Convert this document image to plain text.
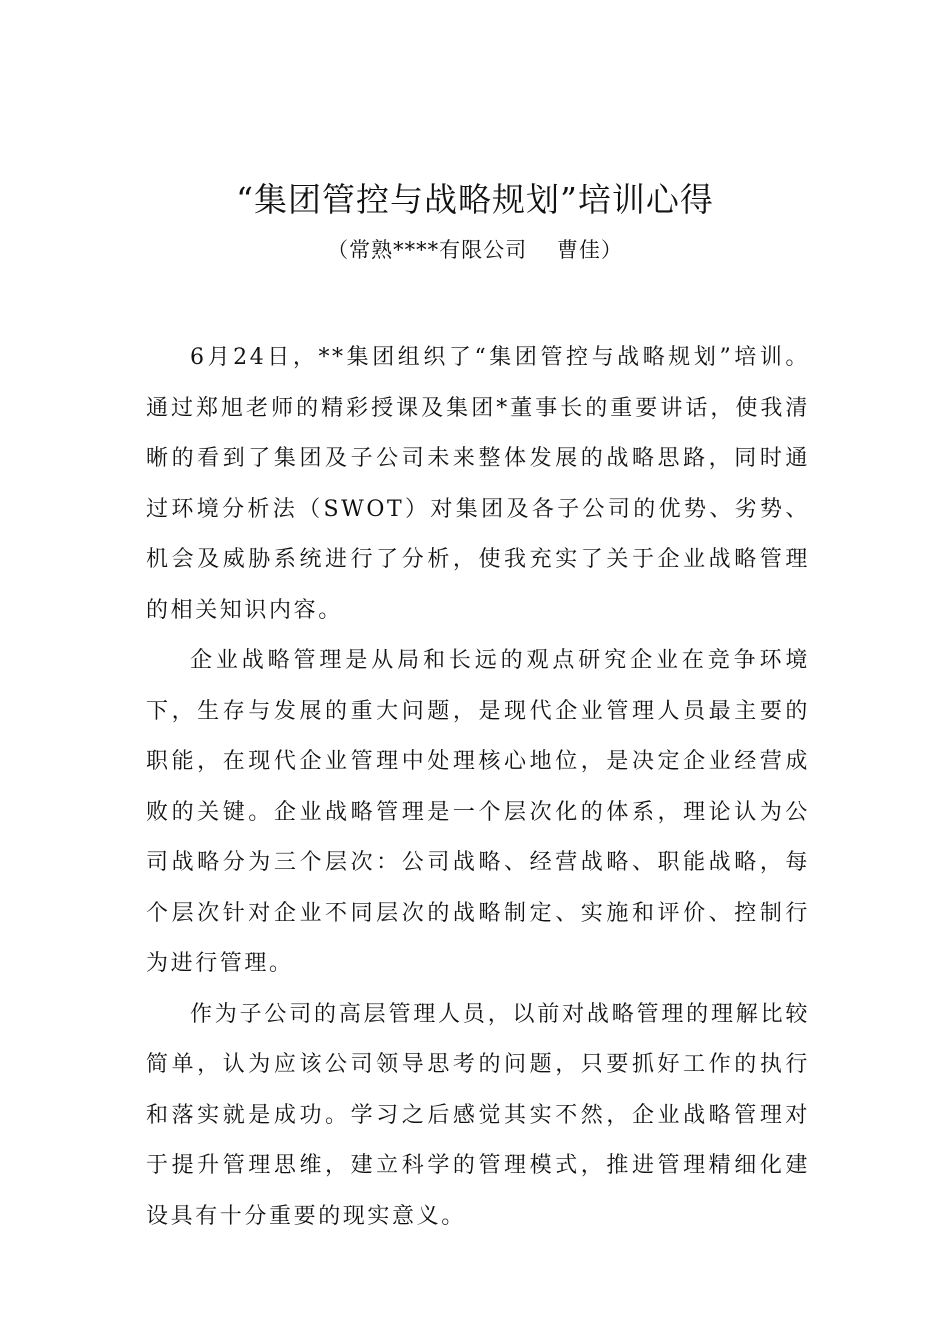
“集团管控与战略规划”培训心得
（常熟****有限公司　 曹佳）

6月24日，**集团组织了“集团管控与战略规划”培训。通过郑旭老师的精彩授课及集团*董事长的重要讲话，使我清晰的看到了集团及子公司未来整体发展的战略思路，同时通过环境分析法（SWOT）对集团及各子公司的优势、劣势、机会及威胁系统进行了分析，使我充实了关于企业战略管理的相关知识内容。

企业战略管理是从局和长远的观点研究企业在竞争环境下，生存与发展的重大问题，是现代企业管理人员最主要的职能，在现代企业管理中处理核心地位，是决定企业经营成败的关键。企业战略管理是一个层次化的体系，理论认为公司战略分为三个层次：公司战略、经营战略、职能战略，每个层次针对企业不同层次的战略制定、实施和评价、控制行为进行管理。

作为子公司的高层管理人员，以前对战略管理的理解比较简单，认为应该公司领导思考的问题，只要抓好工作的执行和落实就是成功。学习之后感觉其实不然，企业战略管理对于提升管理思维，建立科学的管理模式，推进管理精细化建设具有十分重要的现实意义。
